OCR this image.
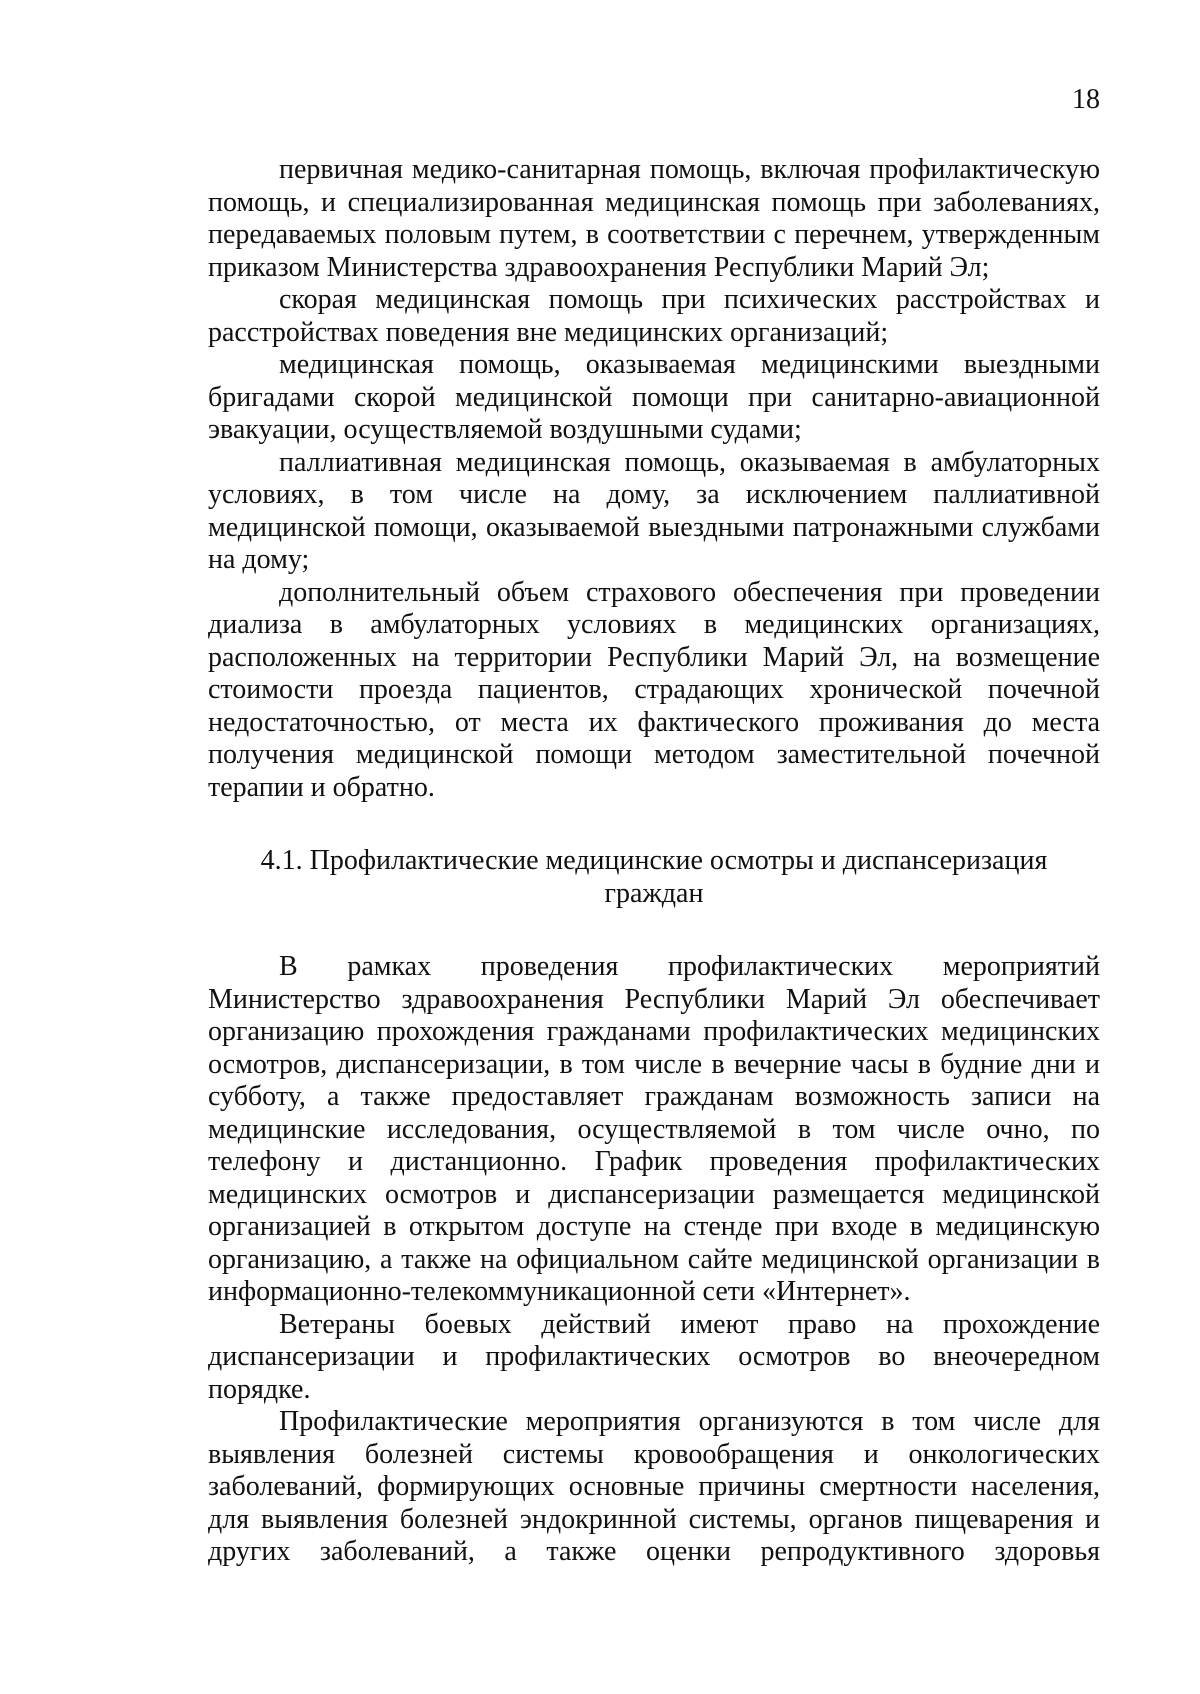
18

первичная медико-санитарная помощь, включая профилактическую помощь, и специализированная медицинская помощь при заболеваниях, передаваемых половым путем, в соответствии с перечнем, утвержденным приказом Министерства здравоохранения Республики Марий Эл;

скорая медицинская помощь при психических расстройствах и расстройствах поведения вне медицинских организаций;

медицинская помощь, оказываемая медицинскими выездными бригадами скорой медицинской помощи при санитарно-авиационной эвакуации, осуществляемой воздушными судами;

паллиативная медицинская помощь, оказываемая в амбулаторных условиях, в том числе на дому, за исключением паллиативной медицинской помощи, оказываемой выездными патронажными службами на дому;

дополнительный объем страхового обеспечения при проведении диализа в амбулаторных условиях в медицинских организациях, расположенных на территории Республики Марий Эл, на возмещение стоимости проезда пациентов, страдающих хронической почечной недостаточностью, от места их фактического проживания до места получения медицинской помощи методом заместительной почечной терапии и обратно.

4.1. Профилактические медицинские осмотры и диспансеризация
граждан

В рамках проведения профилактических мероприятий Министерство здравоохранения Республики Марий Эл обеспечивает организацию прохождения гражданами профилактических медицинских осмотров, диспансеризации, в том числе в вечерние часы в будние дни и субботу, а также предоставляет гражданам возможность записи на медицинские исследования, осуществляемой в том числе очно, по телефону и дистанционно. График проведения профилактических медицинских осмотров и диспансеризации размещается медицинской организацией в открытом доступе на стенде при входе в медицинскую организацию, а также на официальном сайте медицинской организации в информационно-телекоммуникационной сети «Интернет».

Ветераны боевых действий имеют право на прохождение диспансеризации и профилактических осмотров во внеочередном порядке.

Профилактические мероприятия организуются в том числе для выявления болезней системы кровообращения и онкологических заболеваний, формирующих основные причины смертности населения, для выявления болезней эндокринной системы, органов пищеварения и других заболеваний, а также оценки репродуктивного здоровья
